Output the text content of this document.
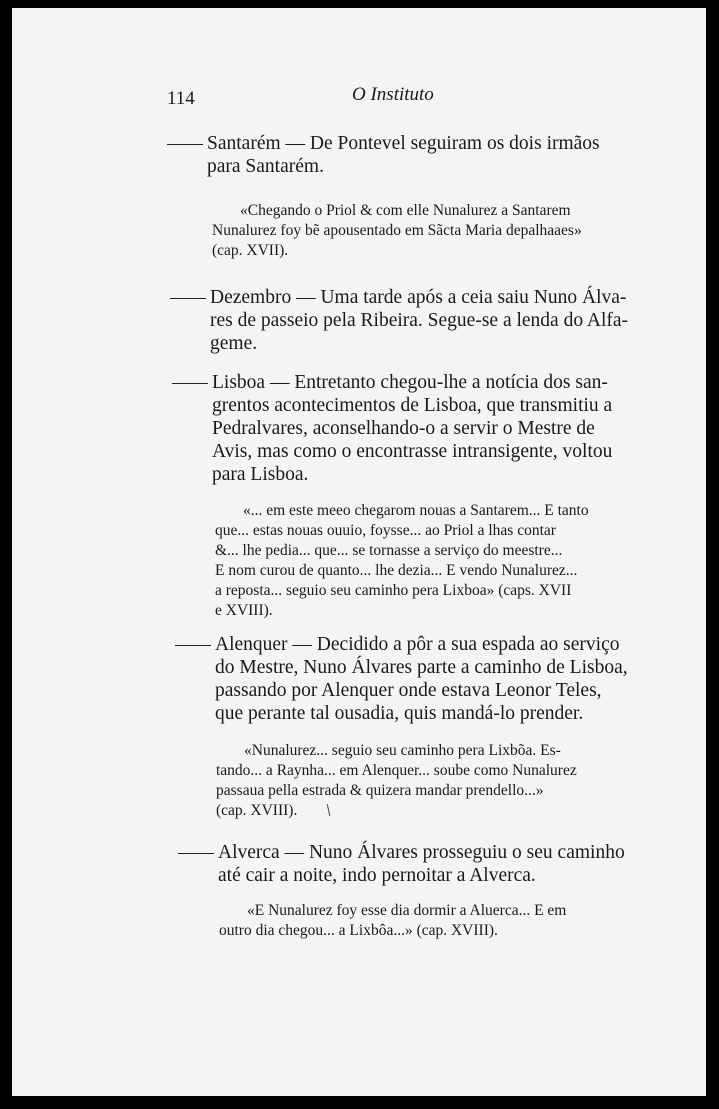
114	O Instituto
Santarém — De Pontevel seguiram os dois irmãos
para Santarém.
«Chegando o Priol & com elle Nunalurez a Santarem
Nunalurez foy bẽ apousentado em Sãcta Maria depalhaaes»
(cap. XVII).
Dezembro — Uma tarde após a ceia saiu Nuno Álva-
res de passeio pela Ribeira. Segue-se a lenda do Alfa-
geme.
Lisboa — Entretanto chegou-lhe a notícia dos san-
grentos acontecimentos de Lisboa, que transmitiu a
Pedralvares, aconselhando-o a servir o Mestre de
Avis, mas como o encontrasse intransigente, voltou
para Lisboa.
«... em este meeo chegarom nouas a Santarem... E tanto
que... estas nouas ouuio, foysse... ao Priol a lhas contar
&... lhe pedia... que... se tornasse a serviço do meestre...
E nom curou de quanto... lhe dezia... E vendo Nunalurez...
a reposta... seguio seu caminho pera Lixboa» (caps. XVII
e XVIII).
Alenquer — Decidido a pôr a sua espada ao serviço
do Mestre, Nuno Álvares parte a caminho de Lisboa,
passando por Alenquer onde estava Leonor Teles,
que perante tal ousadia, quis mandá-lo prender.
«Nunalurez... seguio seu caminho pera Lixbõa. Es-
tando... a Raynha... em Alenquer... soube como Nunalurez
passaua pella estrada & quizera mandar prendello...»
(cap. XVIII).
Alverca — Nuno Álvares prosseguiu o seu caminho
até cair a noite, indo pernoitar a Alverca.
«E Nunalurez foy esse dia dormir a Aluerca... E em
outro dia chegou... a Lixbôa...» (cap. XVIII).
